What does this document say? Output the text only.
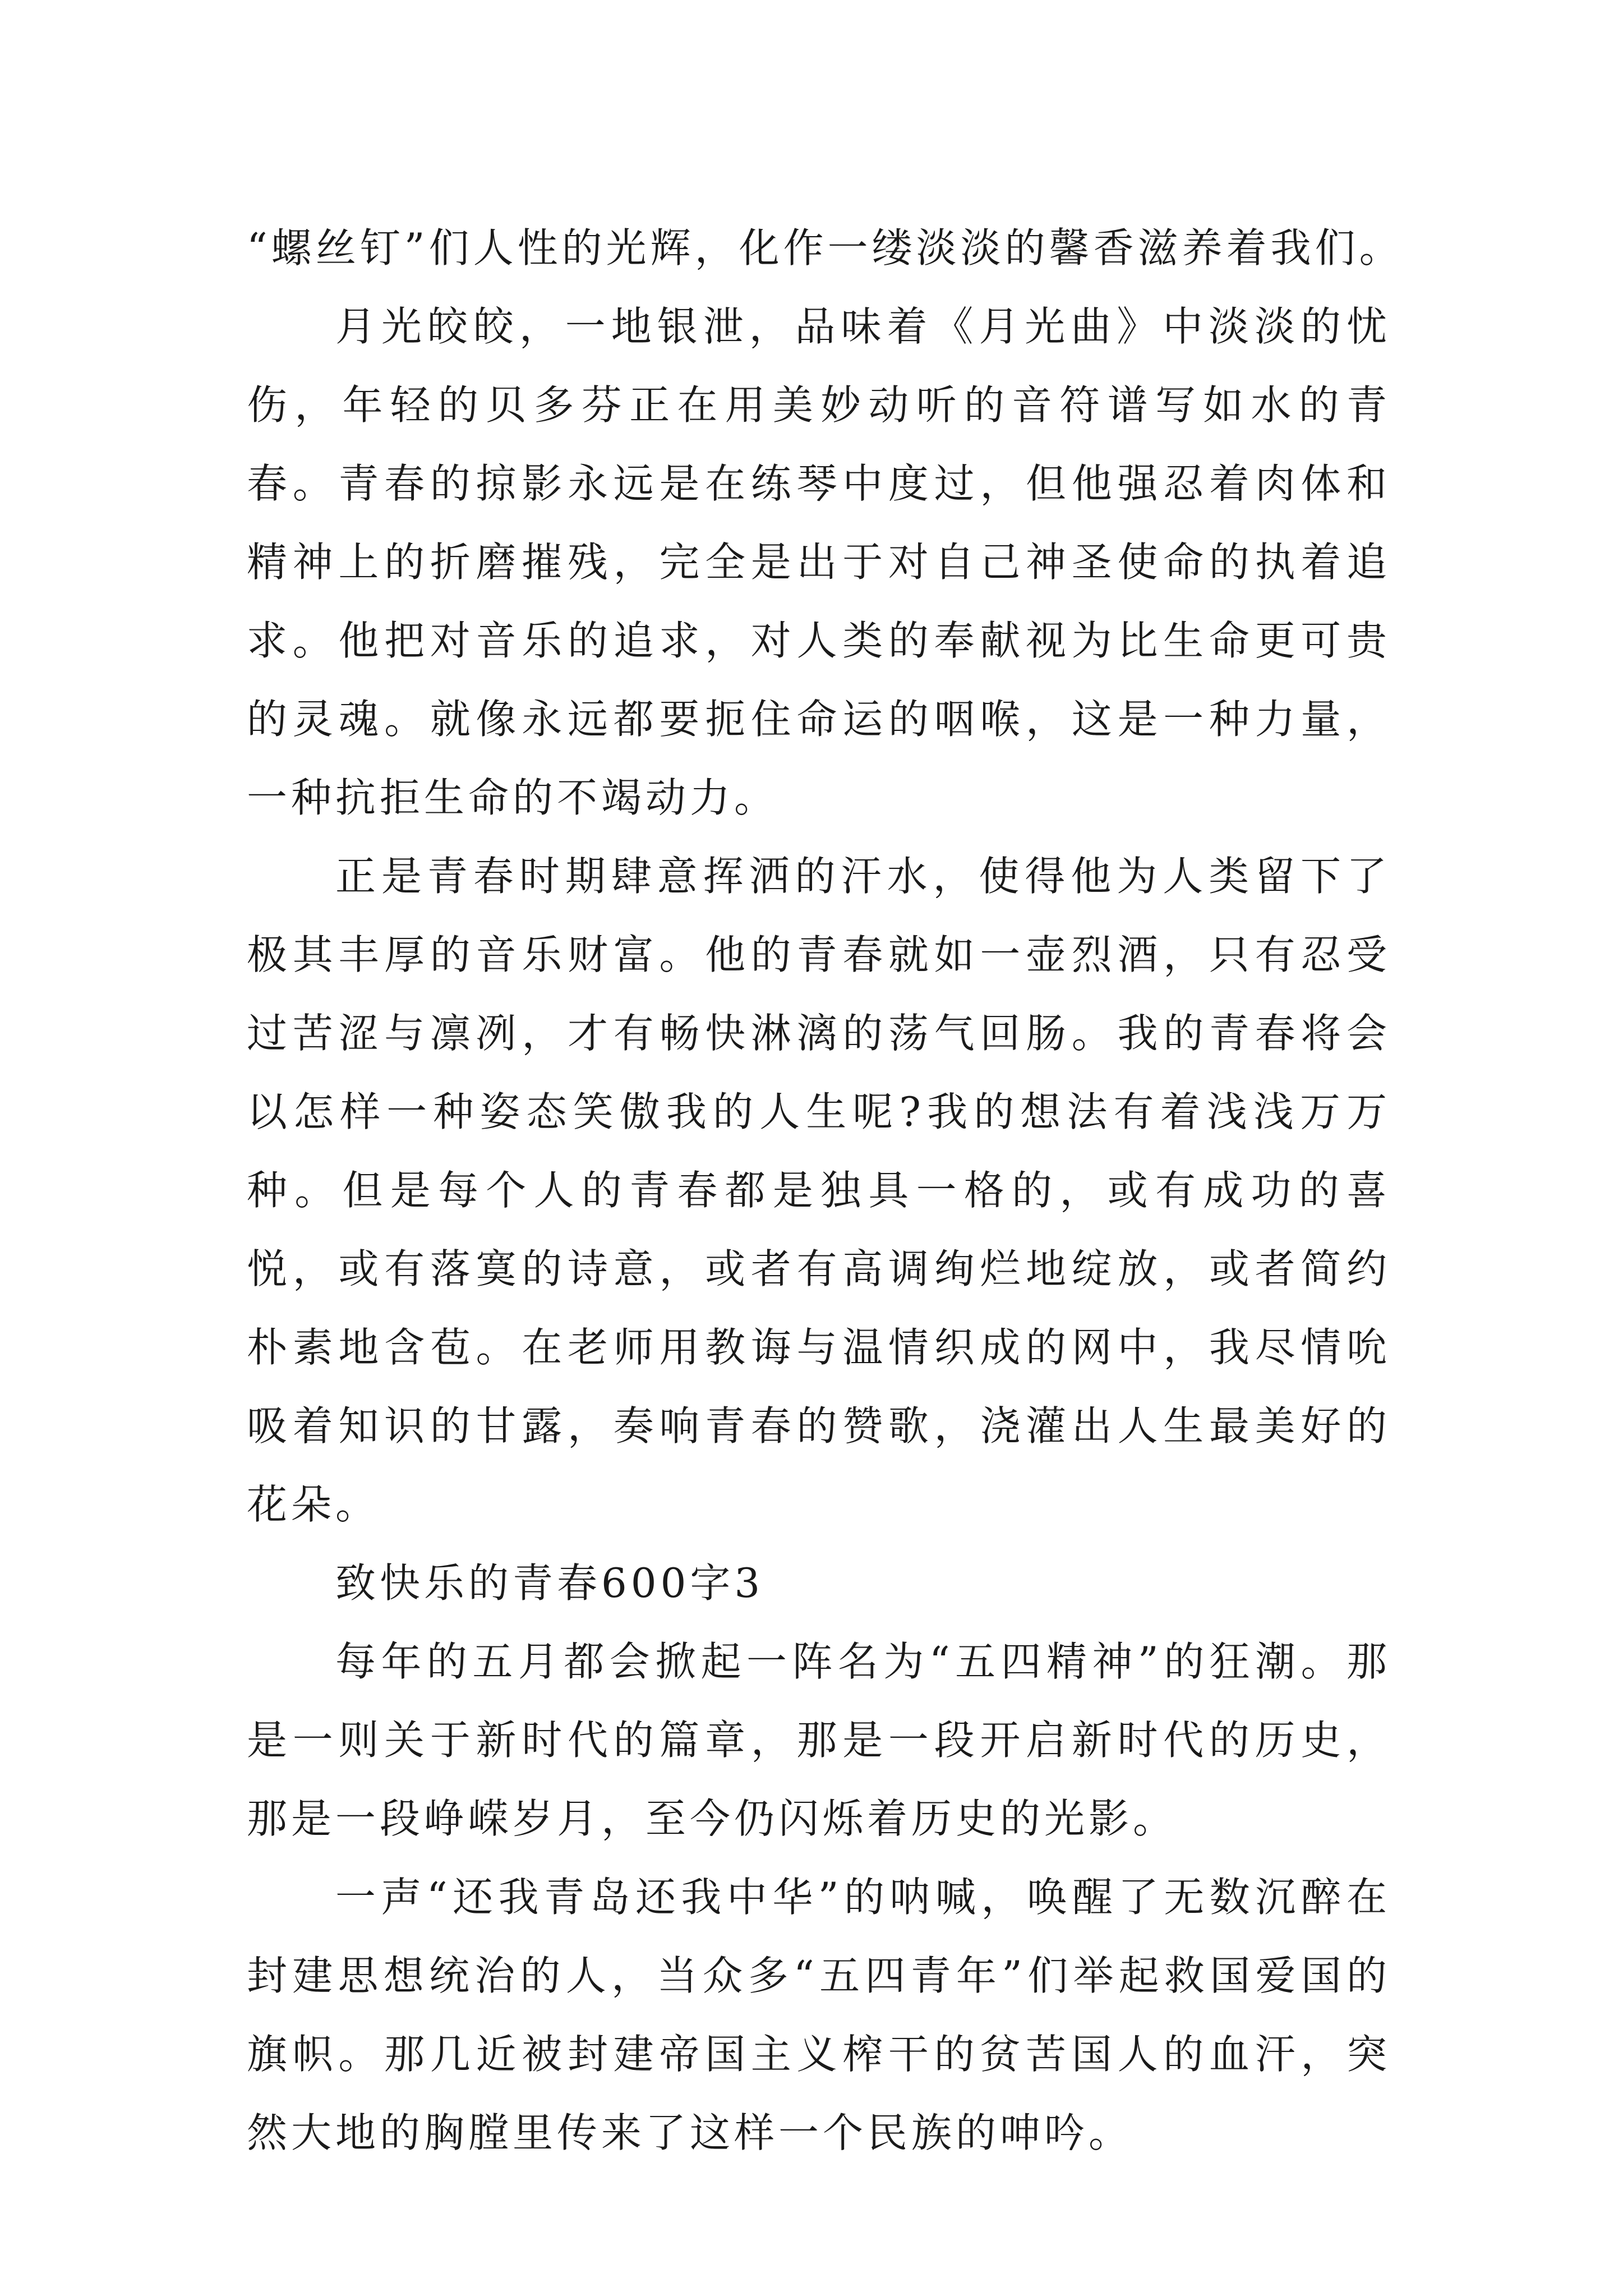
“螺丝钉”们人性的光辉，化作一缕淡淡的馨香滋养着我们。

月光皎皎，一地银泄，品味着《月光曲》中淡淡的忧伤，年轻的贝多芬正在用美妙动听的音符谱写如水的青春。青春的掠影永远是在练琴中度过，但他强忍着肉体和精神上的折磨摧残，完全是出于对自己神圣使命的执着追求。他把对音乐的追求，对人类的奉献视为比生命更可贵的灵魂。就像永远都要扼住命运的咽喉，这是一种力量，一种抗拒生命的不竭动力。

正是青春时期肆意挥洒的汗水，使得他为人类留下了极其丰厚的音乐财富。他的青春就如一壶烈酒，只有忍受过苦涩与凛冽，才有畅快淋漓的荡气回肠。我的青春将会以怎样一种姿态笑傲我的人生呢?我的想法有着浅浅万万种。但是每个人的青春都是独具一格的，或有成功的喜悦，或有落寞的诗意，或者有高调绚烂地绽放，或者简约朴素地含苞。在老师用教诲与温情织成的网中，我尽情吮吸着知识的甘露，奏响青春的赞歌，浇灌出人生最美好的花朵。

致快乐的青春600字3

每年的五月都会掀起一阵名为“五四精神”的狂潮。那是一则关于新时代的篇章，那是一段开启新时代的历史，那是一段峥嵘岁月，至今仍闪烁着历史的光影。

一声“还我青岛还我中华”的呐喊，唤醒了无数沉醉在封建思想统治的人，当众多“五四青年”们举起救国爱国的旗帜。那几近被封建帝国主义榨干的贫苦国人的血汗，突然大地的胸膛里传来了这样一个民族的呻吟。
